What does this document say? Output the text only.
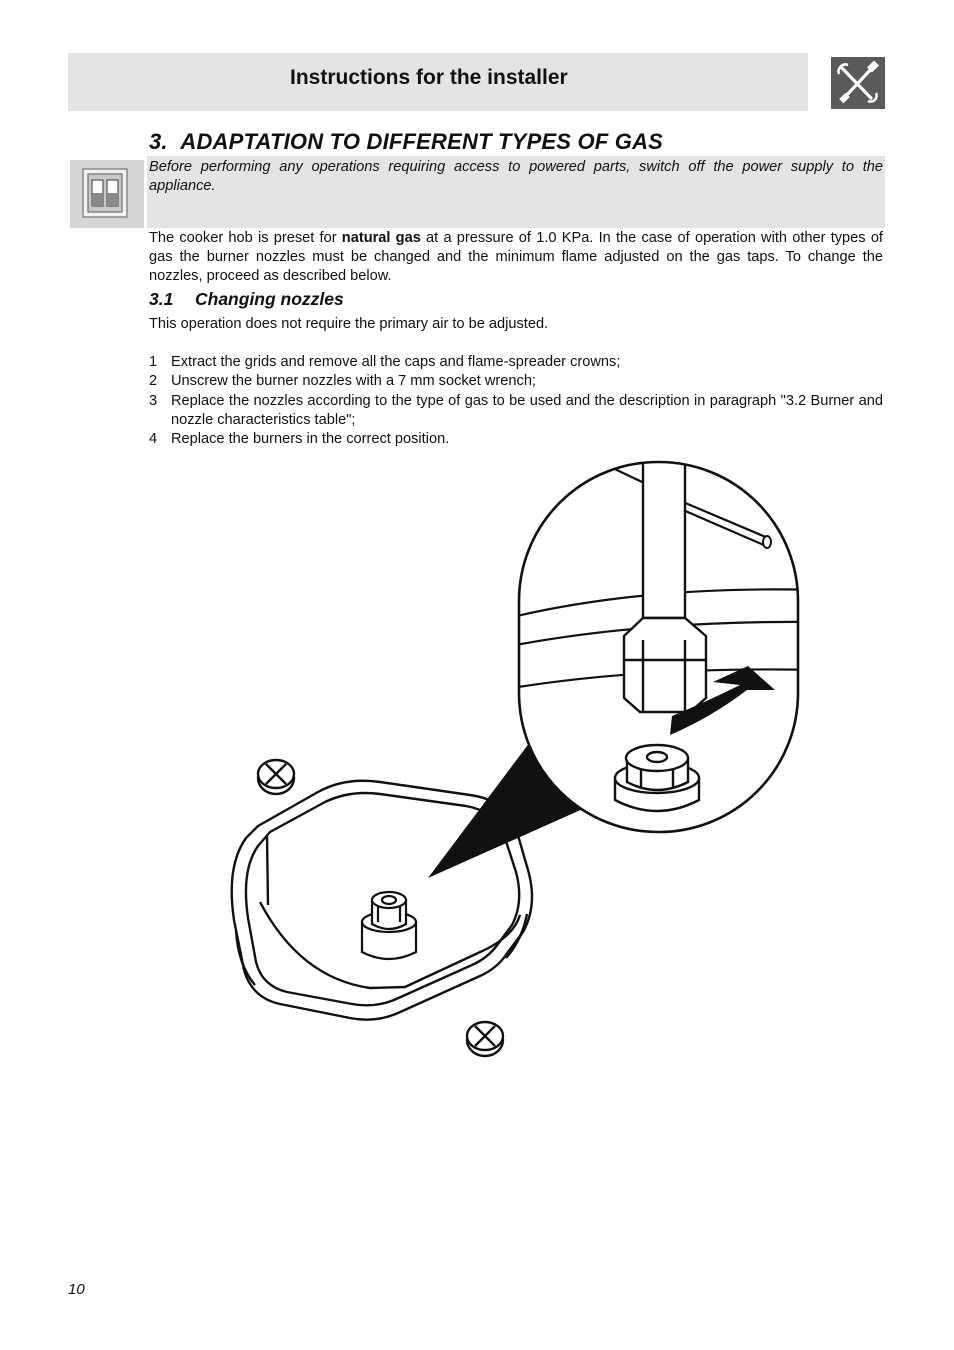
Instructions for the installer
3. ADAPTATION TO DIFFERENT TYPES OF GAS
Before performing any operations requiring access to powered parts, switch off the power supply to the appliance.
The cooker hob is preset for natural gas at a pressure of 1.0 KPa. In the case of operation with other types of gas the burner nozzles must be changed and the minimum flame adjusted on the gas taps. To change the nozzles, proceed as described below.
3.1 Changing nozzles
This operation does not require the primary air to be adjusted.
1 Extract the grids and remove all the caps and flame-spreader crowns;
2 Unscrew the burner nozzles with a 7 mm socket wrench;
3 Replace the nozzles according to the type of gas to be used and the description in paragraph "3.2 Burner and nozzle characteristics table";
4 Replace the burners in the correct position.
10
